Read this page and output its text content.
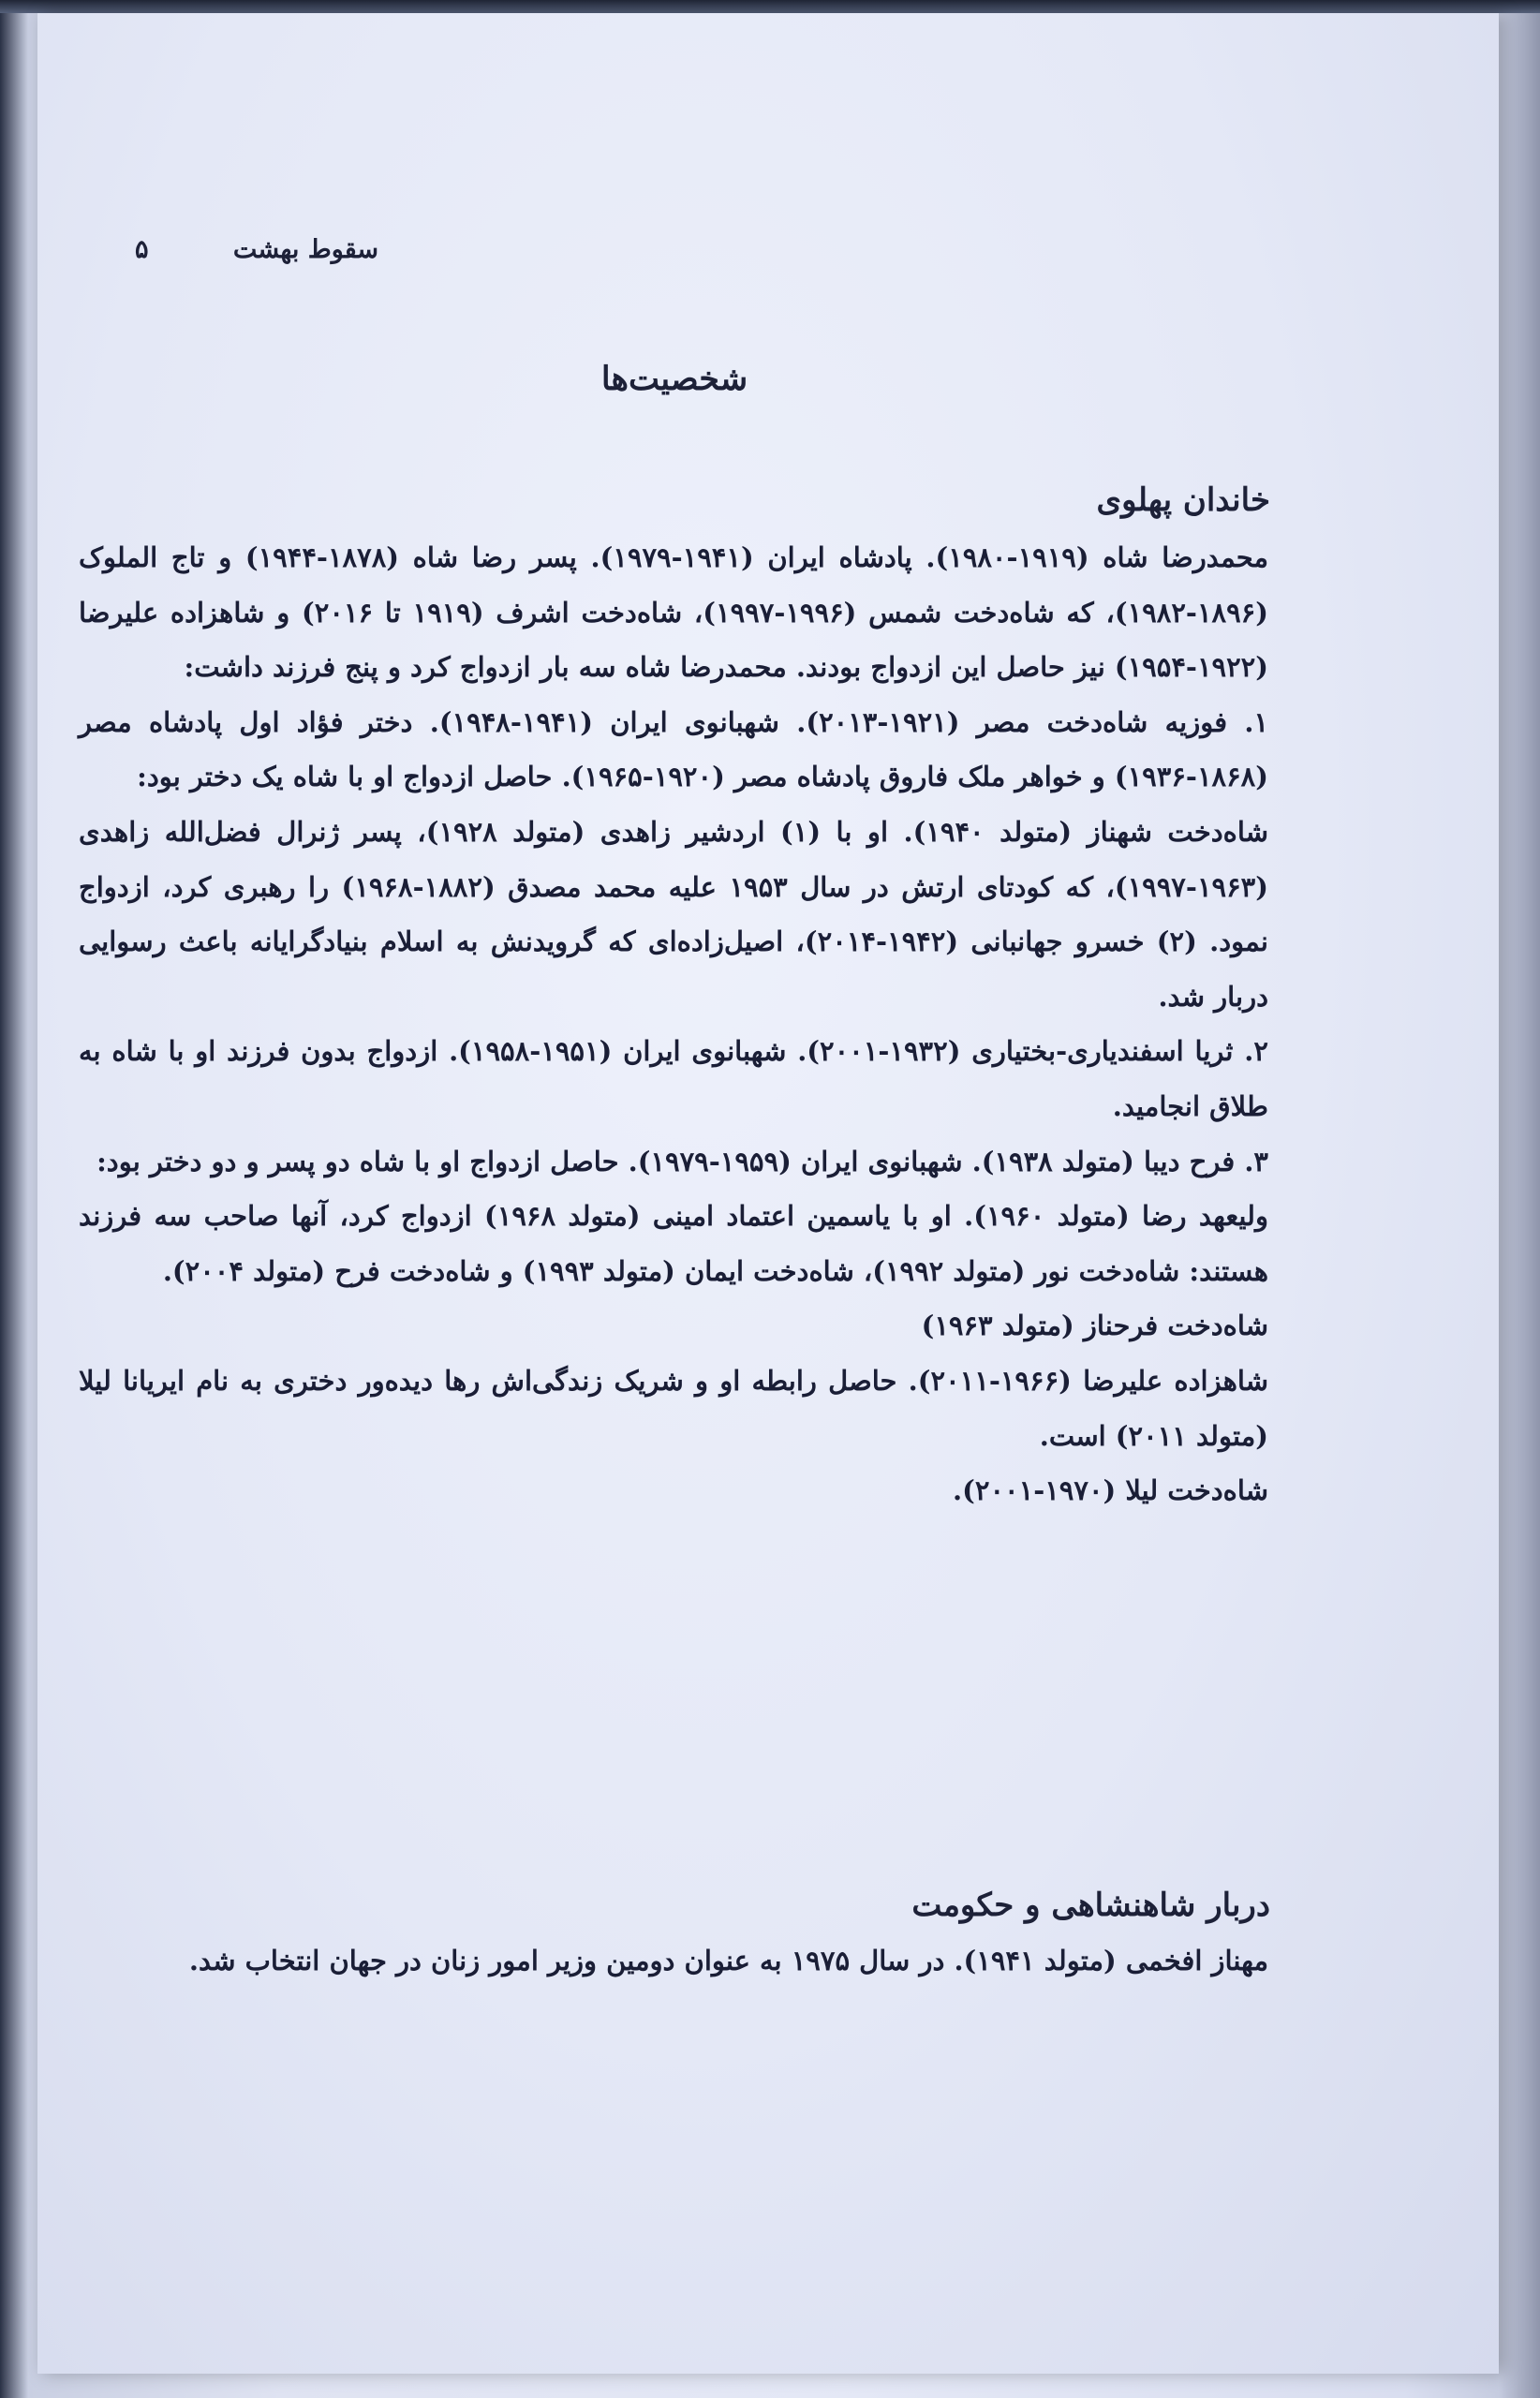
سقوط بهشت
۵
شخصیت‌ها
خاندان پهلوی

محمدرضا شاه (۱۹۱۹-۱۹۸۰). پادشاه ایران (۱۹۴۱-۱۹۷۹). پسر رضا شاه (۱۸۷۸-۱۹۴۴) و تاج الملوک (۱۸۹۶-۱۹۸۲)، که شاه‌دخت شمس (۱۹۹۶-۱۹۹۷)، شاه‌دخت اشرف (۱۹۱۹ تا ۲۰۱۶) و شاهزاده علیرضا (۱۹۲۲-۱۹۵۴) نیز حاصل این ازدواج بودند. محمدرضا شاه سه بار ازدواج کرد و پنج فرزند داشت:

۱. فوزیه شاه‌دخت مصر (۱۹۲۱-۲۰۱۳). شهبانوی ایران (۱۹۴۱-۱۹۴۸). دختر فؤاد اول پادشاه مصر (۱۸۶۸-۱۹۳۶) و خواهر ملک فاروق پادشاه مصر (۱۹۲۰-۱۹۶۵). حاصل ازدواج او با شاه یک دختر بود:

شاه‌دخت شهناز (متولد ۱۹۴۰). او با (۱) اردشیر زاهدی (متولد ۱۹۲۸)، پسر ژنرال فضل‌الله زاهدی (۱۹۶۳-۱۹۹۷)، که کودتای ارتش در سال ۱۹۵۳ علیه محمد مصدق (۱۸۸۲-۱۹۶۸) را رهبری کرد، ازدواج نمود. (۲) خسرو جهانبانی (۱۹۴۲-۲۰۱۴)، اصیل‌زاده‌ای که گرویدنش به اسلام بنیادگرایانه باعث رسوایی دربار شد.

۲. ثریا اسفندیاری-بختیاری (۱۹۳۲-۲۰۰۱). شهبانوی ایران (۱۹۵۱-۱۹۵۸). ازدواج بدون فرزند او با شاه به طلاق انجامید.

۳. فرح دیبا (متولد ۱۹۳۸). شهبانوی ایران (۱۹۵۹-۱۹۷۹). حاصل ازدواج او با شاه دو پسر و دو دختر بود:

ولیعهد رضا (متولد ۱۹۶۰). او با یاسمین اعتماد امینی (متولد ۱۹۶۸) ازدواج کرد، آنها صاحب سه فرزند هستند: شاه‌دخت نور (متولد ۱۹۹۲)، شاه‌دخت ایمان (متولد ۱۹۹۳) و شاه‌دخت فرح (متولد ۲۰۰۴).

شاه‌دخت فرحناز (متولد ۱۹۶۳)

شاهزاده علیرضا (۱۹۶۶-۲۰۱۱). حاصل رابطه او و شریک زندگی‌اش رها دیده‌ور دختری به نام ایریانا لیلا (متولد ۲۰۱۱) است.

شاه‌دخت لیلا (۱۹۷۰-۲۰۰۱).

دربار شاهنشاهی و حکومت

مهناز افخمی (متولد ۱۹۴۱). در سال ۱۹۷۵ به عنوان دومین وزیر امور زنان در جهان انتخاب شد.
